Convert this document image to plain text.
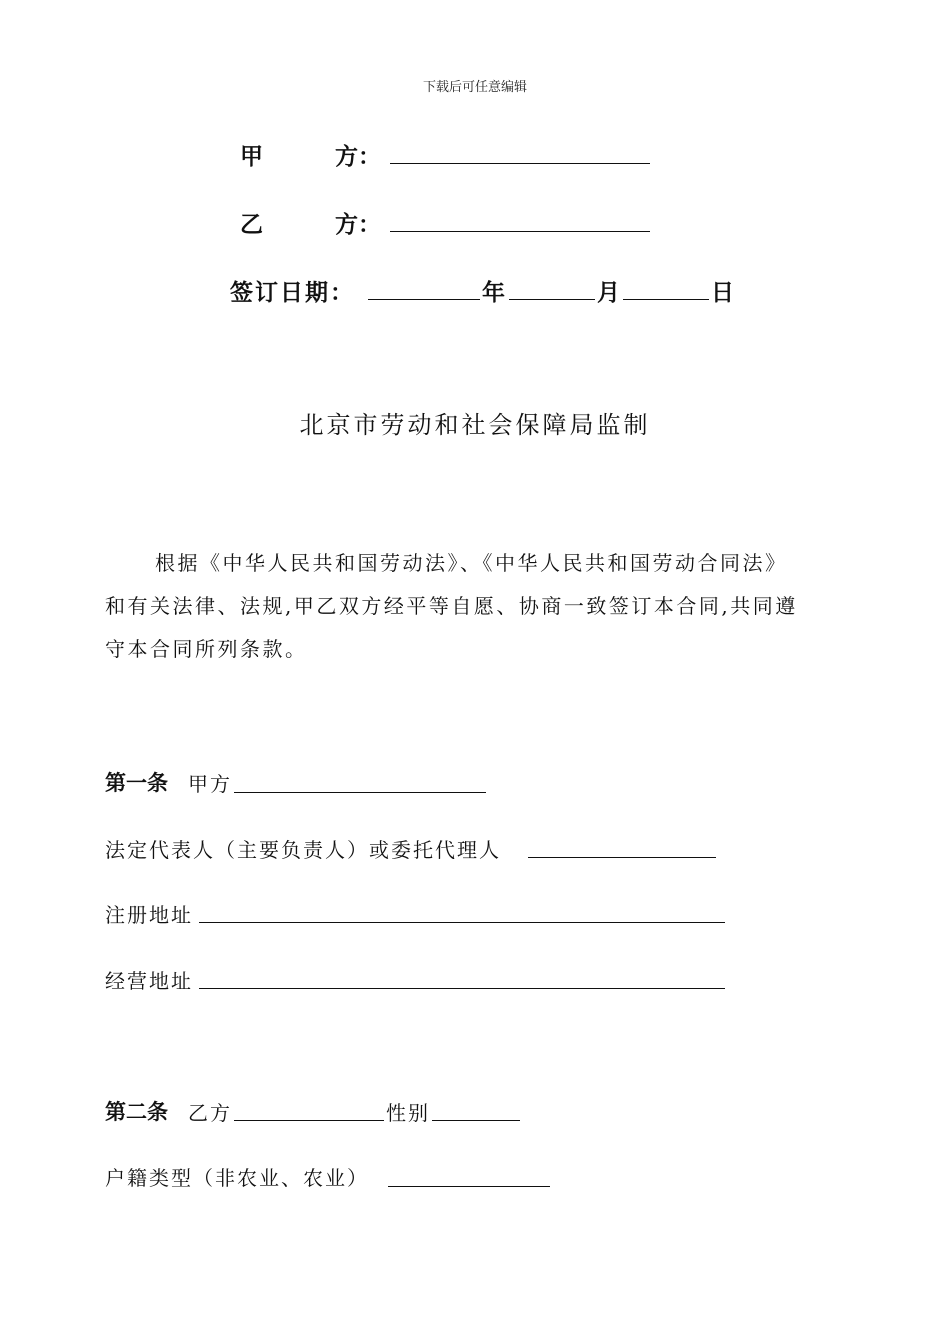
下载后可任意编辑
甲	方：
乙	方：
签订日期：	年	月	日
北京市劳动和社会保障局监制
根据《中华人民共和国劳动法》、《中华人民共和国劳动合同法》
和有关法律、法规,甲乙双方经平等自愿、协商一致签订本合同,共同遵
守本合同所列条款。
第一条 甲方
法定代表人（主要负责人）或委托代理人
注册地址
经营地址
第二条 乙方	性别
户籍类型（非农业、农业）
